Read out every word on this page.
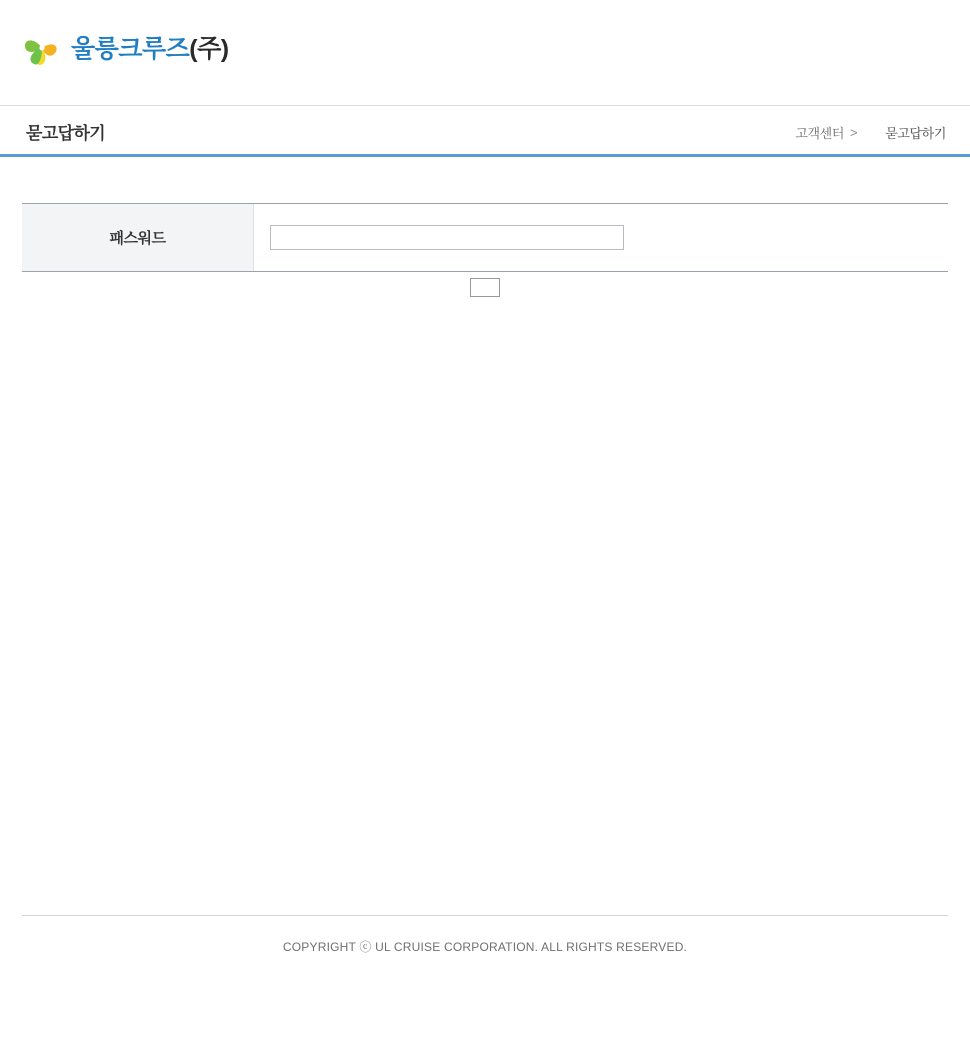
울릉크루즈(주)
묻고답하기	고객센터 >	묻고답하기
패스워드
COPYRIGHT ⓒ UL CRUISE CORPORATION. ALL RIGHTS RESERVED.
